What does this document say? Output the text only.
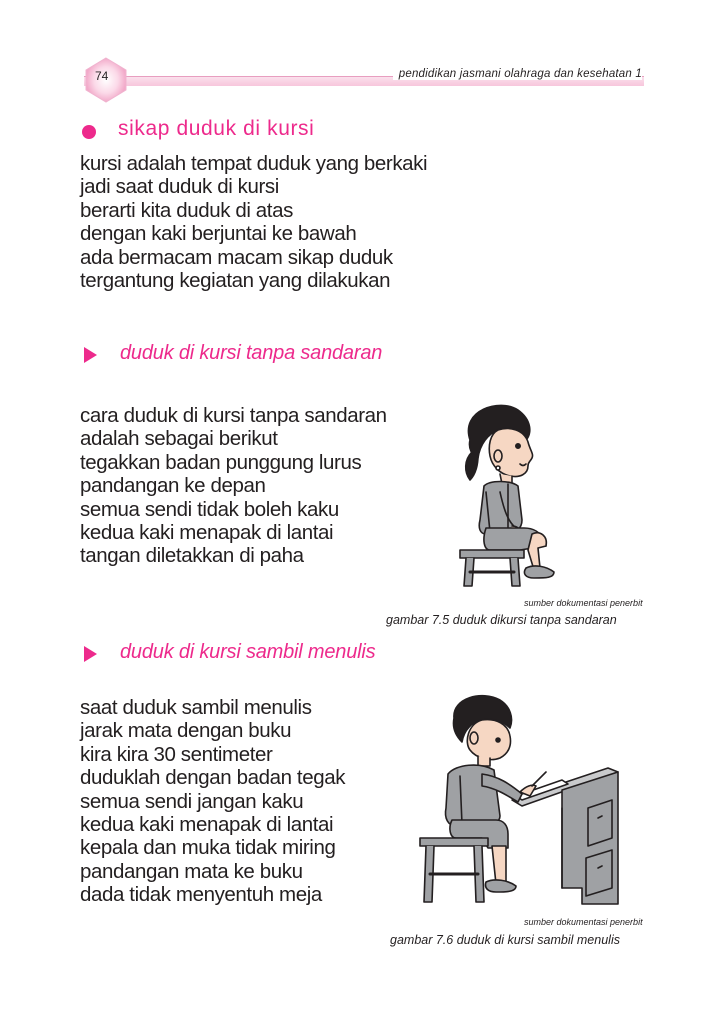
74	pendidikan jasmani olahraga dan kesehatan 1
sikap duduk di kursi
kursi adalah tempat duduk yang berkaki
jadi saat duduk di kursi
berarti kita duduk di atas
dengan kaki berjuntai ke bawah
ada bermacam macam sikap duduk
tergantung kegiatan yang dilakukan
duduk di kursi tanpa sandaran
cara duduk di kursi tanpa sandaran
adalah sebagai berikut
tegakkan badan punggung lurus
pandangan ke depan
semua sendi tidak boleh kaku
kedua kaki menapak di lantai
tangan diletakkan di paha
sumber dokumentasi penerbit
gambar 7.5 duduk dikursi tanpa sandaran
duduk di kursi sambil menulis
saat duduk sambil menulis
jarak mata dengan buku
kira kira 30 sentimeter
duduklah dengan badan tegak
semua sendi jangan kaku
kedua kaki menapak di lantai
kepala dan muka tidak miring
pandangan mata ke buku
dada tidak menyentuh meja
sumber dokumentasi penerbit
gambar 7.6 duduk di kursi sambil menulis
